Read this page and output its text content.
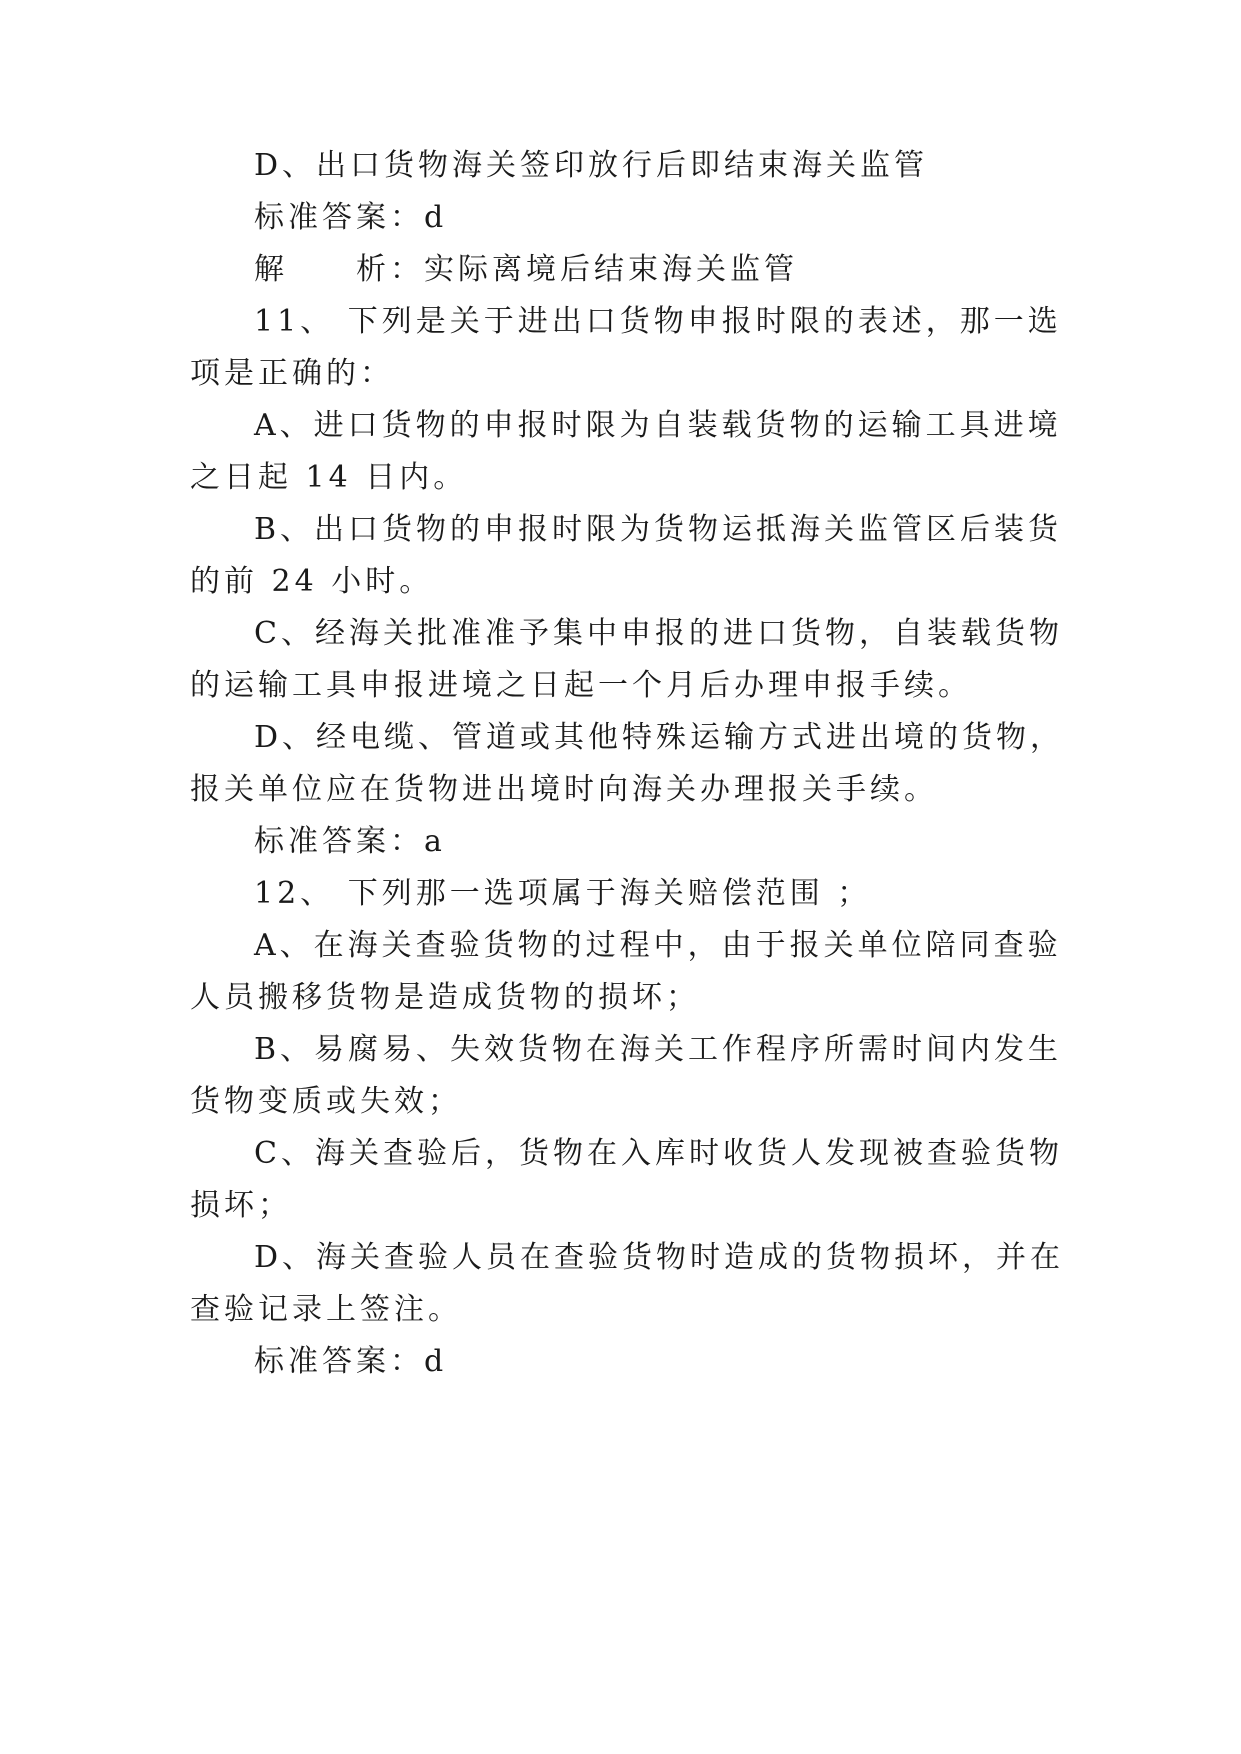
D、出口货物海关签印放行后即结束海关监管
标准答案：d
解　　析：实际离境后结束海关监管
11、 下列是关于进出口货物申报时限的表述，那一选
项是正确的：
A、进口货物的申报时限为自装载货物的运输工具进境
之日起 14 日内。
B、出口货物的申报时限为货物运抵海关监管区后装货
的前 24 小时。
C、经海关批准准予集中申报的进口货物，自装载货物
的运输工具申报进境之日起一个月后办理申报手续。
D、经电缆、管道或其他特殊运输方式进出境的货物，
报关单位应在货物进出境时向海关办理报关手续。
标准答案：a
12、 下列那一选项属于海关赔偿范围 ；
A、在海关查验货物的过程中，由于报关单位陪同查验
人员搬移货物是造成货物的损坏；
B、易腐易、失效货物在海关工作程序所需时间内发生
货物变质或失效；
C、海关查验后，货物在入库时收货人发现被查验货物
损坏；
D、海关查验人员在查验货物时造成的货物损坏，并在
查验记录上签注。
标准答案：d
